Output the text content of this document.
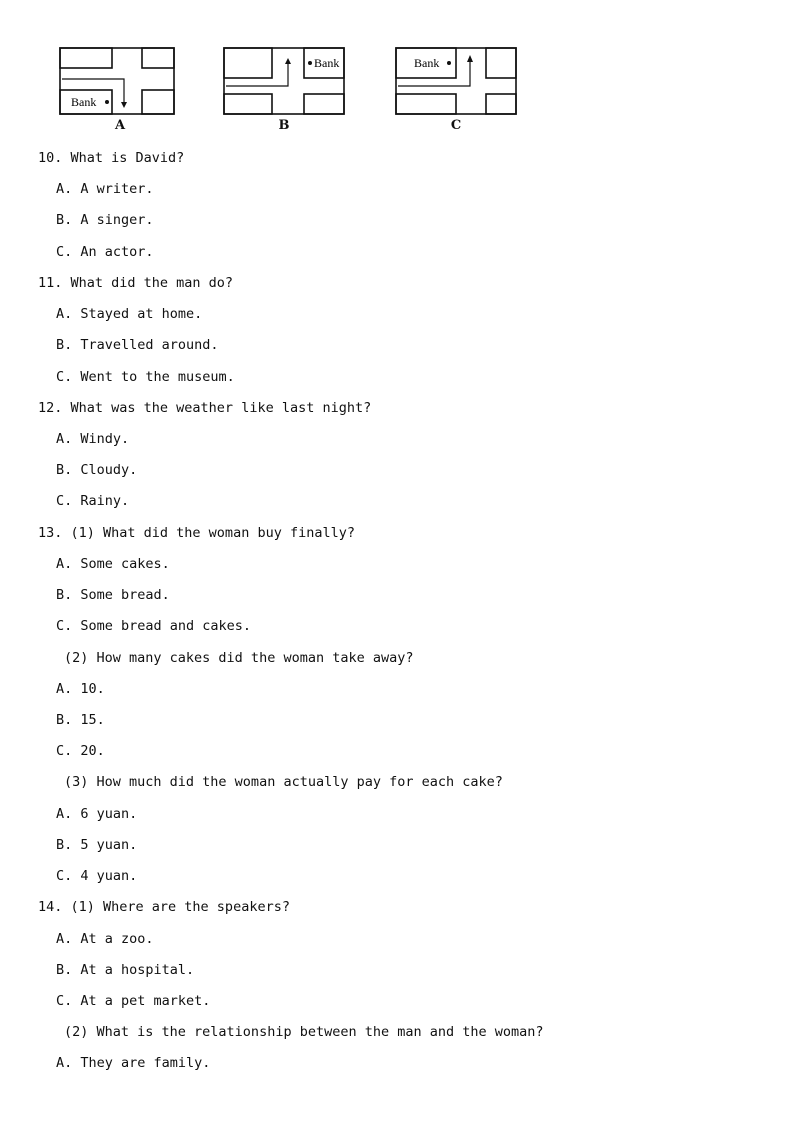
Bank
A
Bank
B
Bank
C
10. What is David?
A. A writer.
B. A singer.
C. An actor.
11. What did the man do?
A. Stayed at home.
B. Travelled around.
C. Went to the museum.
12. What was the weather like last night?
A. Windy.
B. Cloudy.
C. Rainy.
13. (1) What did the woman buy finally?
A. Some cakes.
B. Some bread.
C. Some bread and cakes.
(2) How many cakes did the woman take away?
A. 10.
B. 15.
C. 20.
(3) How much did the woman actually pay for each cake?
A. 6 yuan.
B. 5 yuan.
C. 4 yuan.
14. (1) Where are the speakers?
A. At a zoo.
B. At a hospital.
C. At a pet market.
(2) What is the relationship between the man and the woman?
A. They are family.
